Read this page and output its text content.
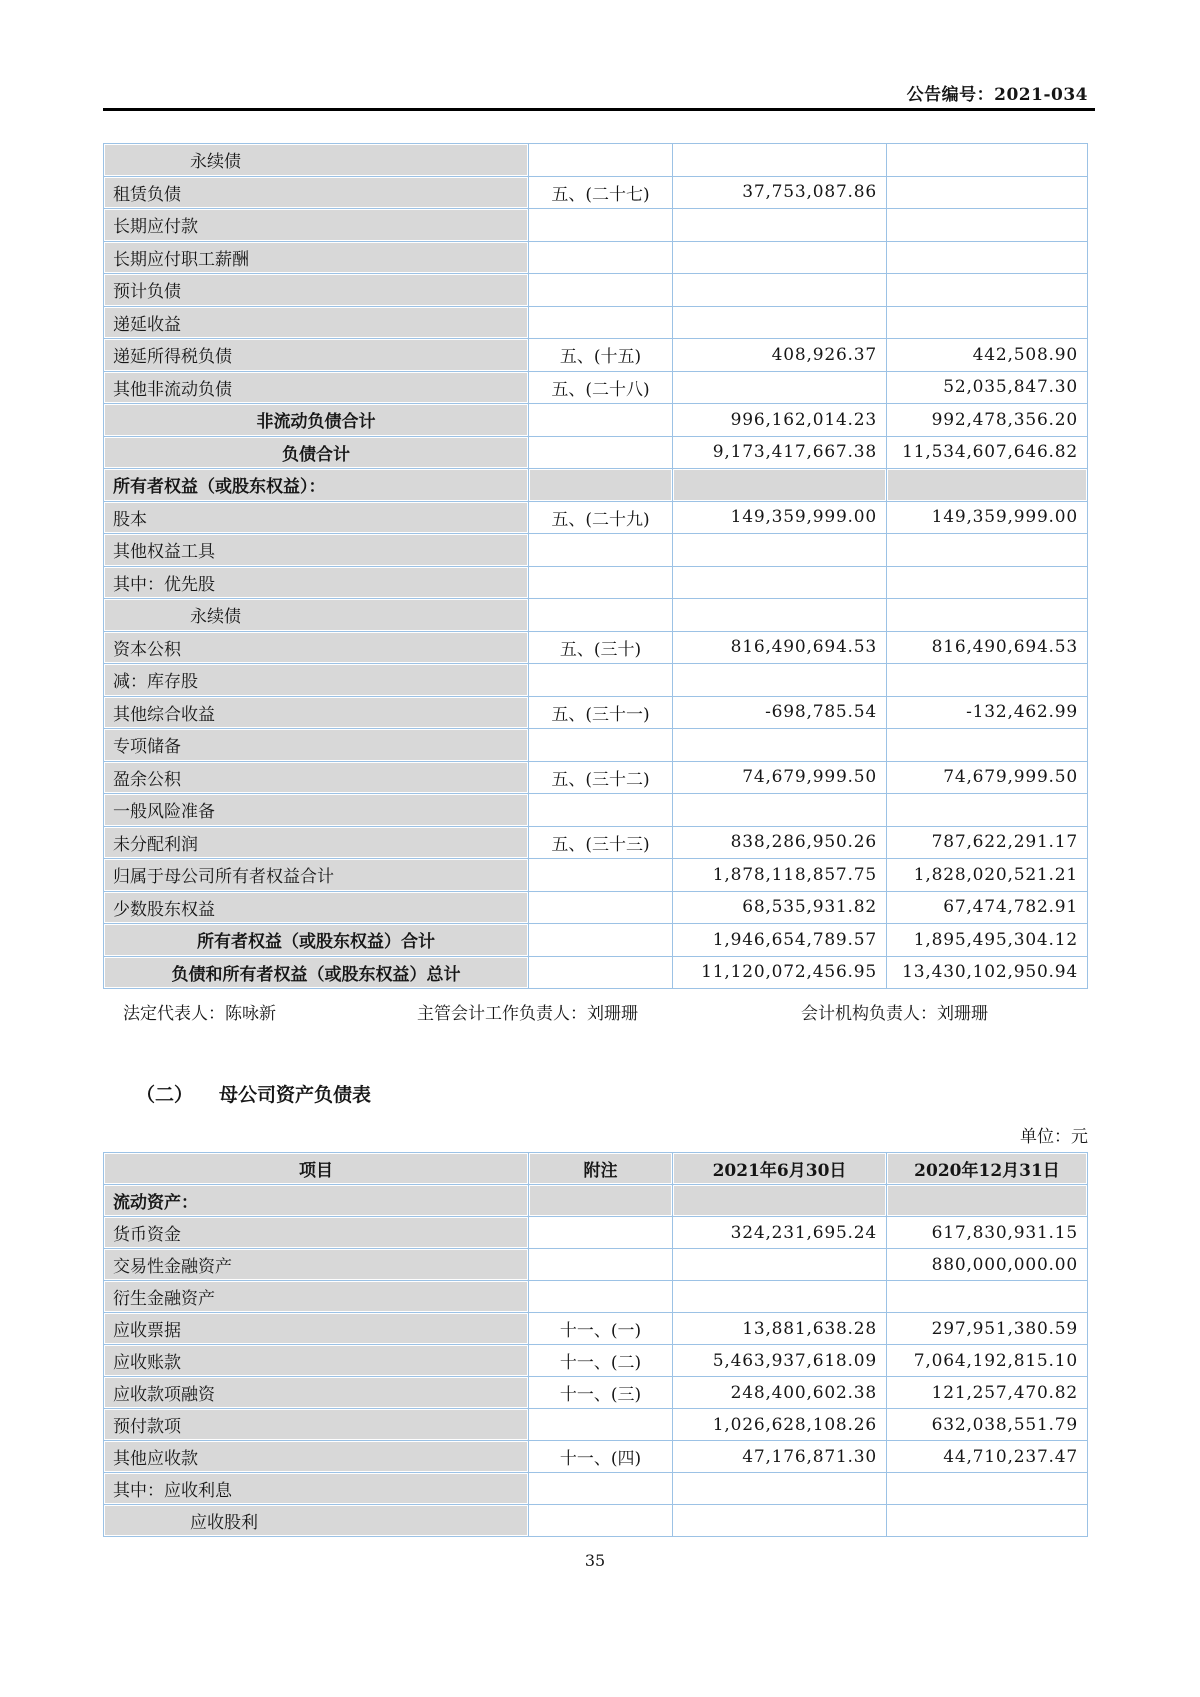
公告编号：2021-034
永续债			
租赁负债	五、(二十七)	37,753,087.86	
长期应付款			
长期应付职工薪酬			
预计负债			
递延收益			
递延所得税负债	五、(十五)	408,926.37	442,508.90
其他非流动负债	五、(二十八)		52,035,847.30
非流动负债合计		996,162,014.23	992,478,356.20
负债合计		9,173,417,667.38	11,534,607,646.82
所有者权益（或股东权益）：			
股本	五、(二十九)	149,359,999.00	149,359,999.00
其他权益工具			
其中：优先股			
永续债			
资本公积	五、(三十)	816,490,694.53	816,490,694.53
减：库存股			
其他综合收益	五、(三十一)	-698,785.54	-132,462.99
专项储备			
盈余公积	五、(三十二)	74,679,999.50	74,679,999.50
一般风险准备			
未分配利润	五、(三十三)	838,286,950.26	787,622,291.17
归属于母公司所有者权益合计		1,878,118,857.75	1,828,020,521.21
少数股东权益		68,535,931.82	67,474,782.91
所有者权益（或股东权益）合计		1,946,654,789.57	1,895,495,304.12
负债和所有者权益（或股东权益）总计		11,120,072,456.95	13,430,102,950.94
法定代表人：陈咏新	主管会计工作负责人：刘珊珊	会计机构负责人：刘珊珊
（二） 母公司资产负债表
单位：元
项目	附注	2021年6月30日	2020年12月31日
流动资产：			
货币资金		324,231,695.24	617,830,931.15
交易性金融资产			880,000,000.00
衍生金融资产			
应收票据	十一、(一)	13,881,638.28	297,951,380.59
应收账款	十一、(二)	5,463,937,618.09	7,064,192,815.10
应收款项融资	十一、(三)	248,400,602.38	121,257,470.82
预付款项		1,026,628,108.26	632,038,551.79
其他应收款	十一、(四)	47,176,871.30	44,710,237.47
其中：应收利息			
应收股利			
35
